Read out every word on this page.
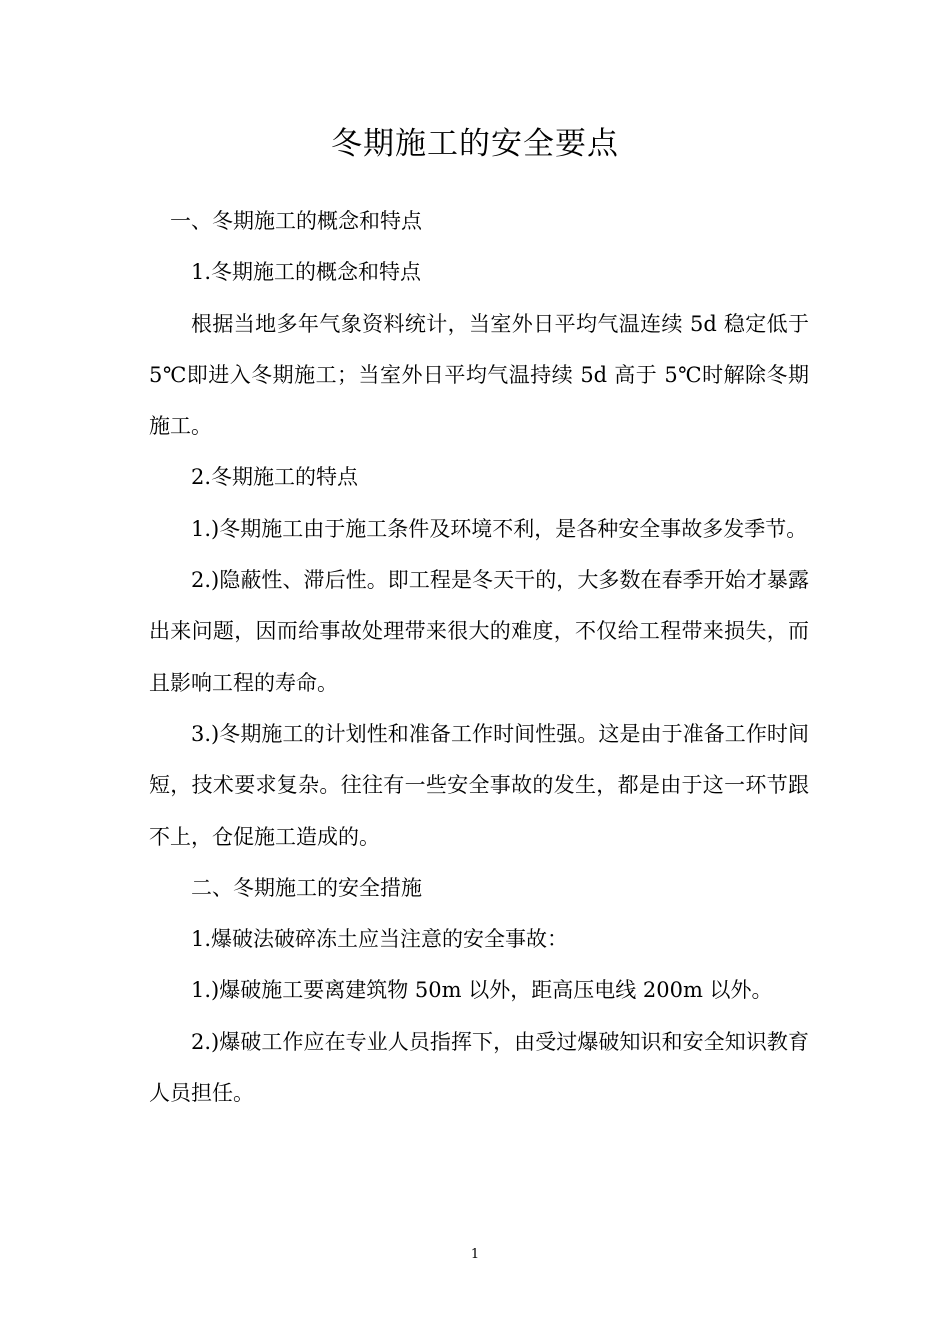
冬期施工的安全要点

一、冬期施工的概念和特点

1.冬期施工的概念和特点

根据当地多年气象资料统计，当室外日平均气温连续 5d 稳定低于 5℃即进入冬期施工；当室外日平均气温持续 5d 高于 5℃时解除冬期施工。

2.冬期施工的特点

1.)冬期施工由于施工条件及环境不利，是各种安全事故多发季节。

2.)隐蔽性、滞后性。即工程是冬天干的，大多数在春季开始才暴露出来问题，因而给事故处理带来很大的难度，不仅给工程带来损失，而且影响工程的寿命。

3.)冬期施工的计划性和准备工作时间性强。这是由于准备工作时间短，技术要求复杂。往往有一些安全事故的发生，都是由于这一环节跟不上，仓促施工造成的。

二、冬期施工的安全措施

1.爆破法破碎冻土应当注意的安全事故：

1.)爆破施工要离建筑物 50m 以外，距高压电线 200m 以外。

2.)爆破工作应在专业人员指挥下，由受过爆破知识和安全知识教育人员担任。

1
